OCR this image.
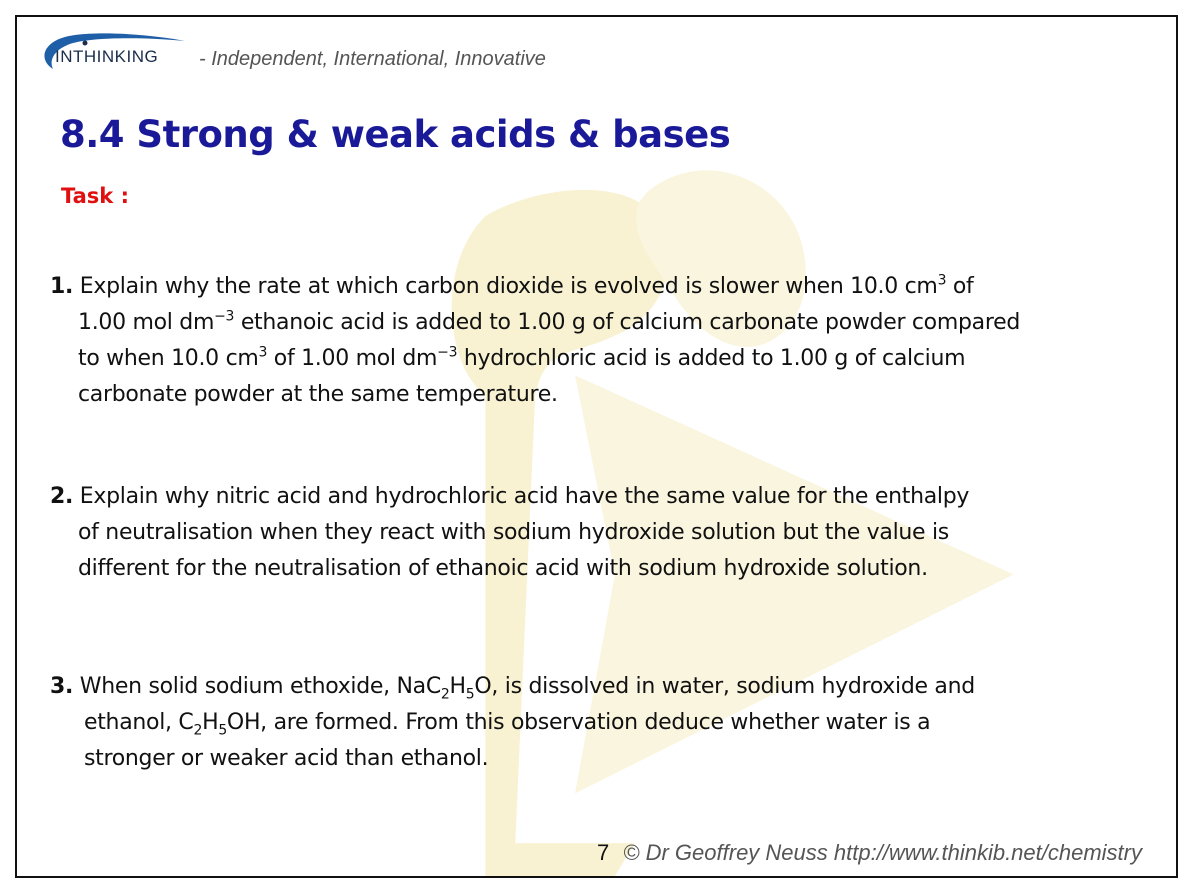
INTHINKING - Independent, International, Innovative
8.4 Strong & weak acids & bases
Task :
1. Explain why the rate at which carbon dioxide is evolved is slower when 10.0 $cm^3$ of
1.00 mol $dm^{-3}$ ethanoic acid is added to 1.00 g of calcium carbonate powder compared
to when 10.0 $cm^3$ of 1.00 mol $dm^{-3}$ hydrochloric acid is added to 1.00 g of calcium
carbonate powder at the same temperature.
2. Explain why nitric acid and hydrochloric acid have the same value for the enthalpy
of neutralisation when they react with sodium hydroxide solution but the value is
different for the neutralisation of ethanoic acid with sodium hydroxide solution.
3. When solid sodium ethoxide, $NaC_2H_5O$, is dissolved in water, sodium hydroxide and
ethanol, $C_2H_5OH$, are formed. From this observation deduce whether water is a
stronger or weaker acid than ethanol.
7 © Dr Geoffrey Neuss http://www.thinkib.net/chemistry
